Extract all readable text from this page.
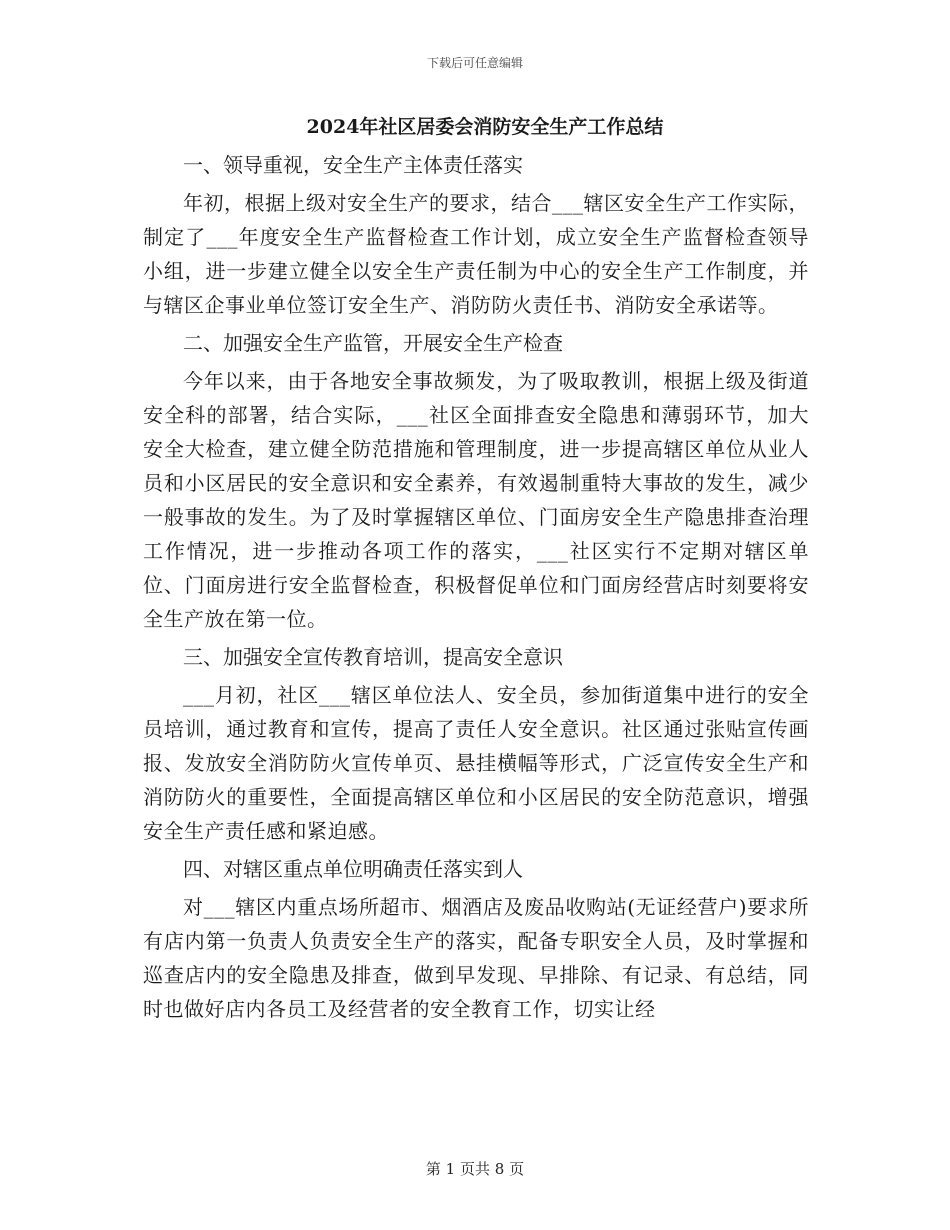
下载后可任意编辑
2024年社区居委会消防安全生产工作总结
一、领导重视，安全生产主体责任落实
年初，根据上级对安全生产的要求，结合___辖区安全生产工作实际，制定了___年度安全生产监督检查工作计划，成立安全生产监督检查领导小组，进一步建立健全以安全生产责任制为中心的安全生产工作制度，并与辖区企事业单位签订安全生产、消防防火责任书、消防安全承诺等。
二、加强安全生产监管，开展安全生产检查
今年以来，由于各地安全事故频发，为了吸取教训，根据上级及街道安全科的部署，结合实际，___社区全面排查安全隐患和薄弱环节，加大安全大检查，建立健全防范措施和管理制度，进一步提高辖区单位从业人员和小区居民的安全意识和安全素养，有效遏制重特大事故的发生，减少一般事故的发生。为了及时掌握辖区单位、门面房安全生产隐患排查治理工作情况，进一步推动各项工作的落实，___社区实行不定期对辖区单位、门面房进行安全监督检查，积极督促单位和门面房经营店时刻要将安全生产放在第一位。
三、加强安全宣传教育培训，提高安全意识
___月初，社区___辖区单位法人、安全员，参加街道集中进行的安全员培训，通过教育和宣传，提高了责任人安全意识。社区通过张贴宣传画报、发放安全消防防火宣传单页、悬挂横幅等形式，广泛宣传安全生产和消防防火的重要性，全面提高辖区单位和小区居民的安全防范意识，增强安全生产责任感和紧迫感。
四、对辖区重点单位明确责任落实到人
对___辖区内重点场所超市、烟酒店及废品收购站(无证经营户)要求所有店内第一负责人负责安全生产的落实，配备专职安全人员，及时掌握和巡查店内的安全隐患及排查，做到早发现、早排除、有记录、有总结，同时也做好店内各员工及经营者的安全教育工作，切实让经
第 1 页共 8 页
